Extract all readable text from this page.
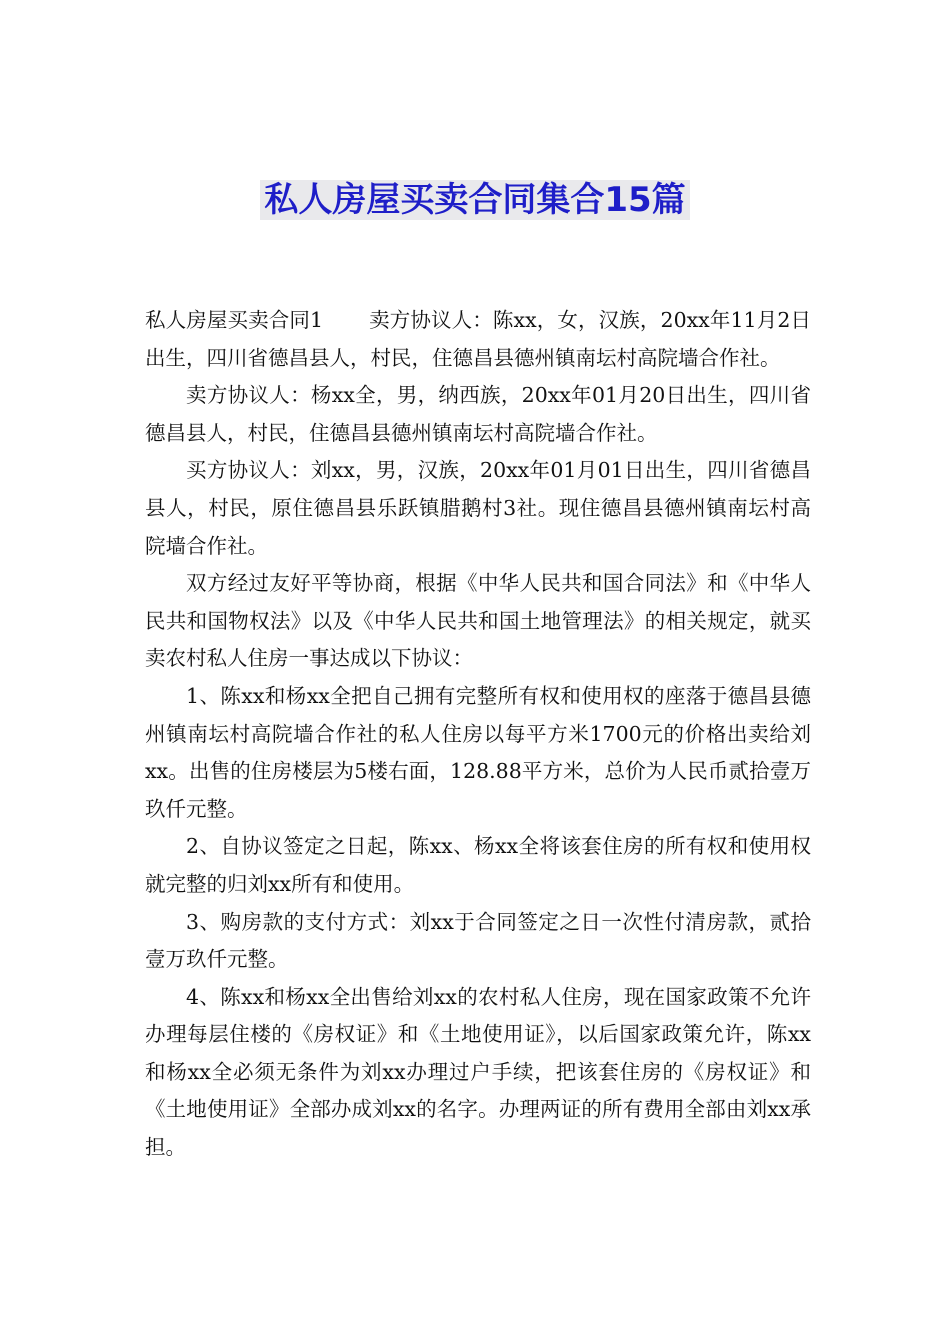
私人房屋买卖合同集合15篇

私人房屋买卖合同1 卖方协议人：陈xx，女，汉族，20xx年11月2日出生，四川省德昌县人，村民，住德昌县德州镇南坛村高院墙合作社。

卖方协议人：杨xx全，男，纳西族，20xx年01月20日出生，四川省德昌县人，村民，住德昌县德州镇南坛村高院墙合作社。

买方协议人：刘xx，男，汉族，20xx年01月01日出生，四川省德昌县人，村民，原住德昌县乐跃镇腊鹅村3社。现住德昌县德州镇南坛村高院墙合作社。

双方经过友好平等协商，根据《中华人民共和国合同法》和《中华人民共和国物权法》以及《中华人民共和国土地管理法》的相关规定，就买卖农村私人住房一事达成以下协议：

1、陈xx和杨xx全把自己拥有完整所有权和使用权的座落于德昌县德州镇南坛村高院墙合作社的私人住房以每平方米1700元的价格出卖给刘xx。出售的住房楼层为5楼右面，128.88平方米，总价为人民币贰拾壹万玖仟元整。

2、自协议签定之日起，陈xx、杨xx全将该套住房的所有权和使用权就完整的归刘xx所有和使用。

3、购房款的支付方式：刘xx于合同签定之日一次性付清房款，贰拾壹万玖仟元整。

4、陈xx和杨xx全出售给刘xx的农村私人住房，现在国家政策不允许办理每层住楼的《房权证》和《土地使用证》，以后国家政策允许，陈xx和杨xx全必须无条件为刘xx办理过户手续，把该套住房的《房权证》和《土地使用证》全部办成刘xx的名字。办理两证的所有费用全部由刘xx承担。
